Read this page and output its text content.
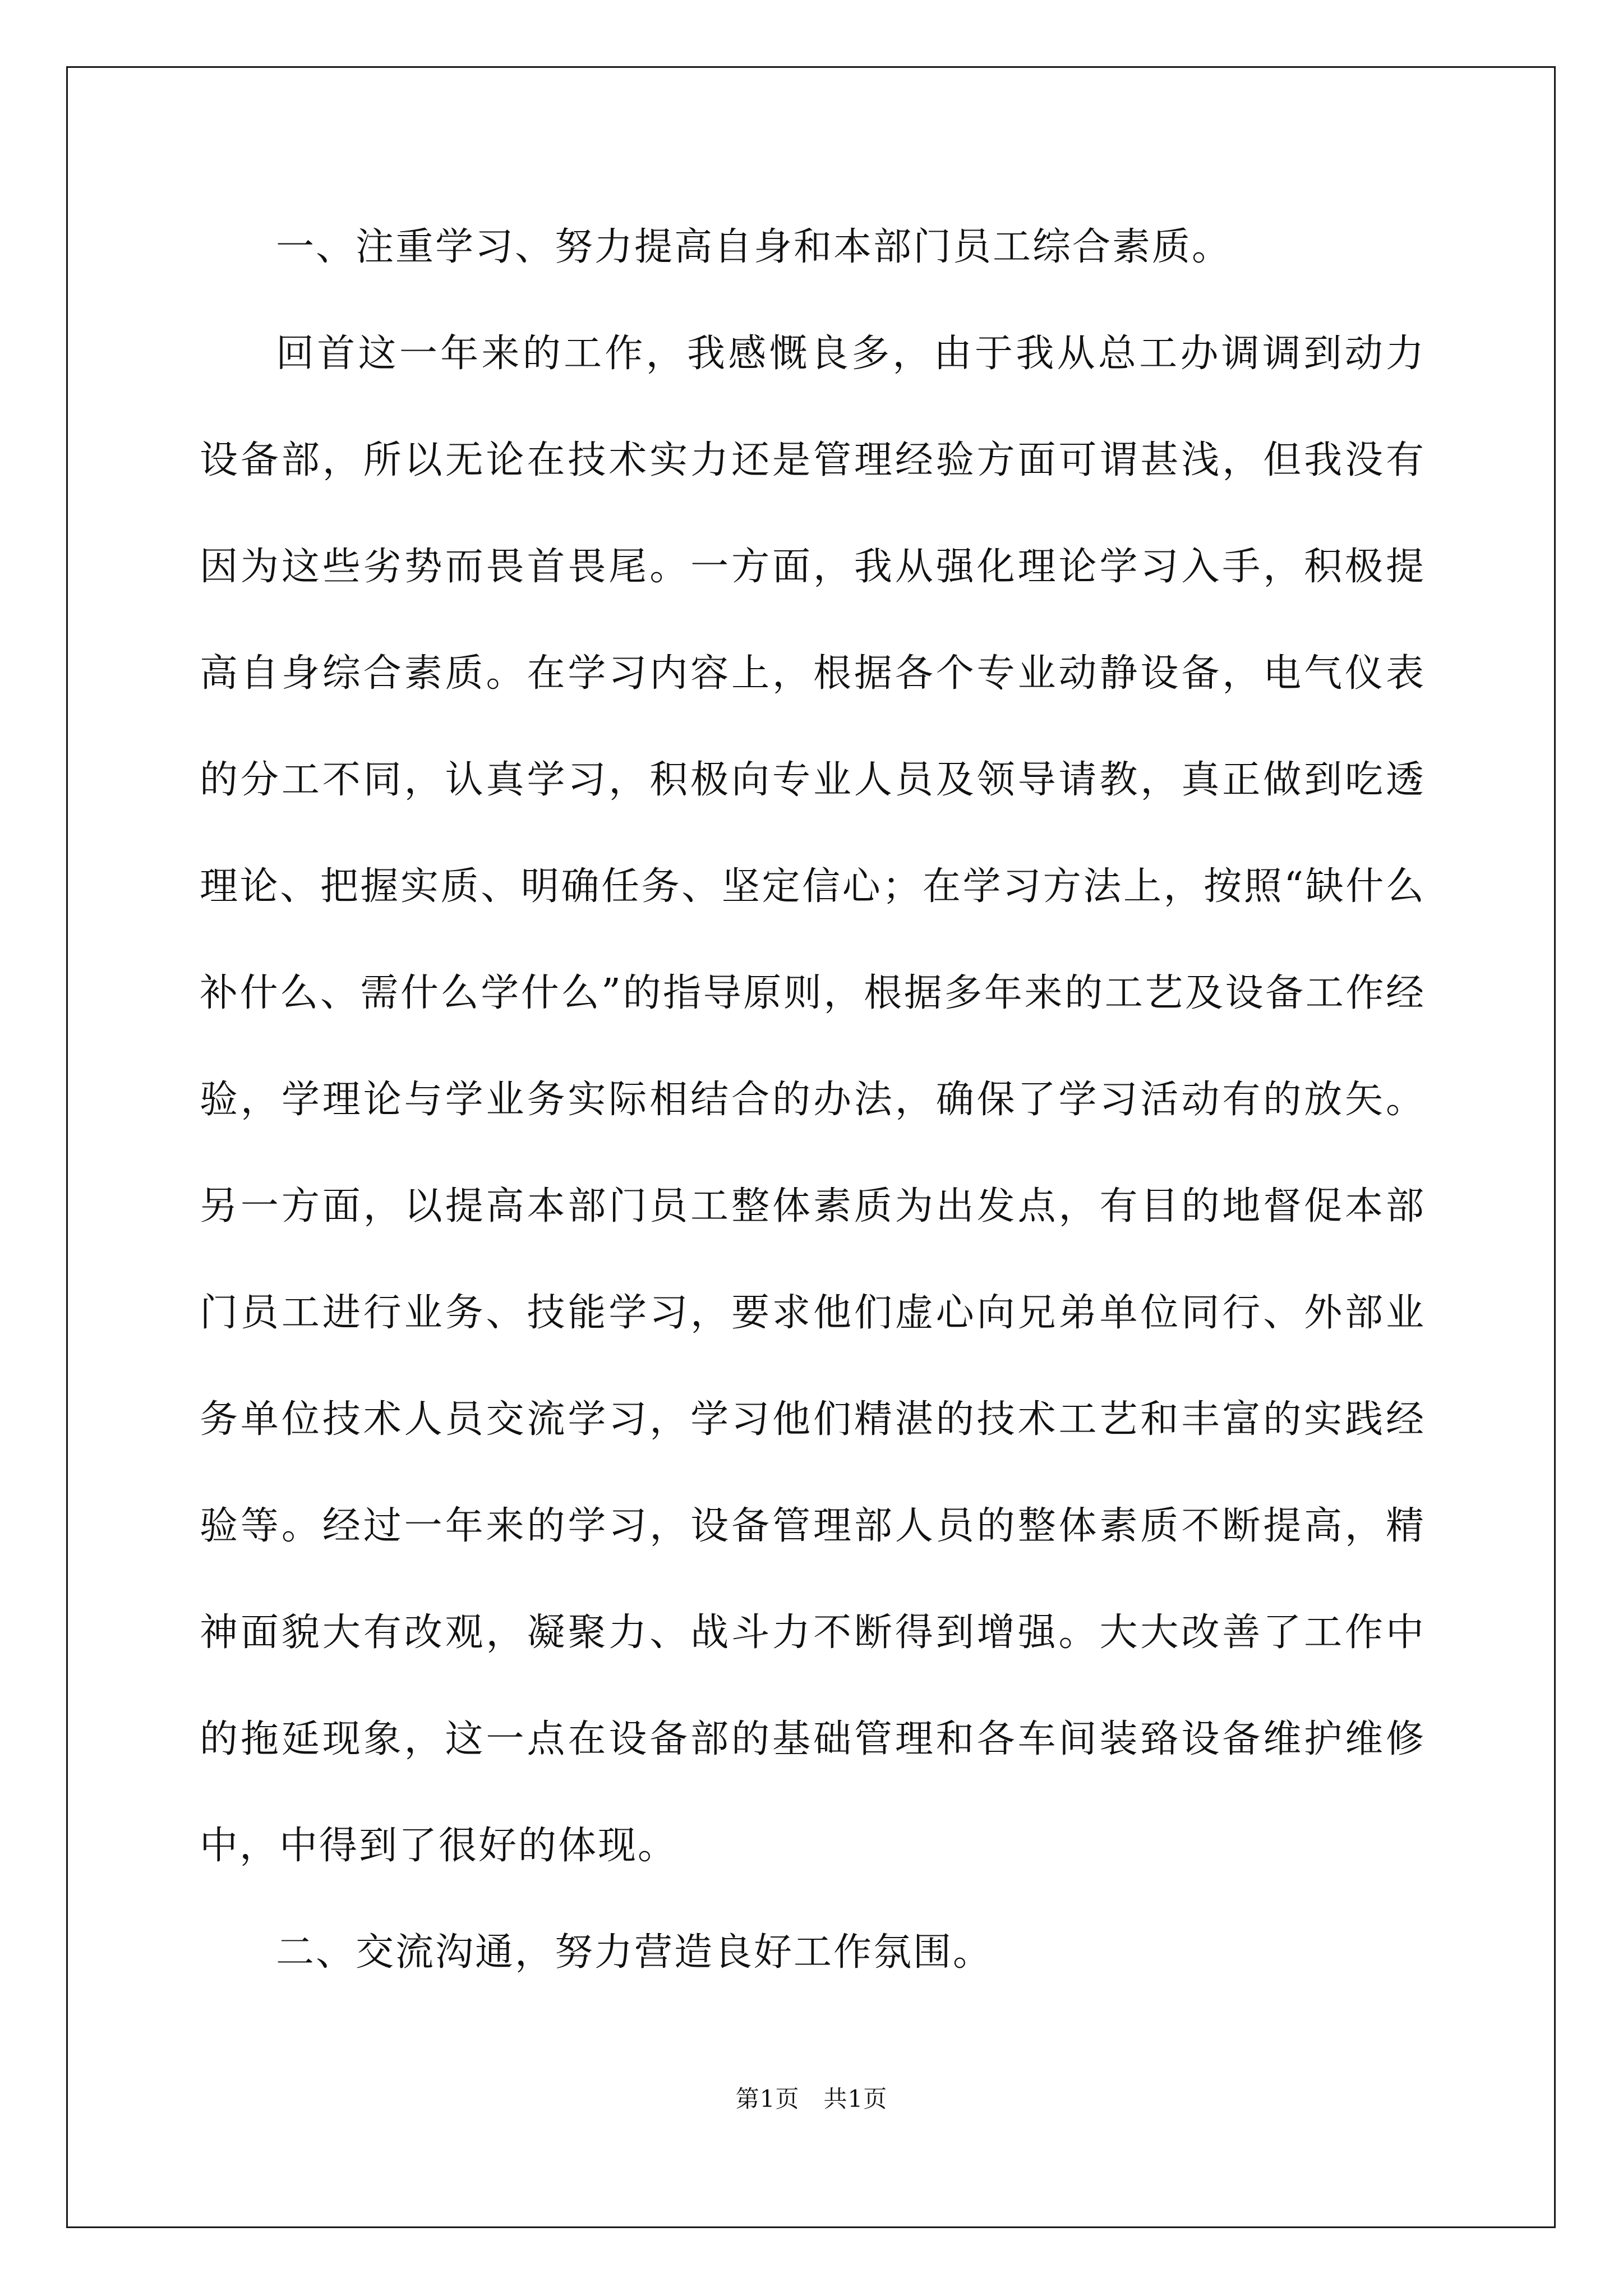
一、注重学习、努力提高自身和本部门员工综合素质。

回首这一年来的工作，我感慨良多，由于我从总工办调调到动力设备部，所以无论在技术实力还是管理经验方面可谓甚浅，但我没有因为这些劣势而畏首畏尾。一方面，我从强化理论学习入手，积极提高自身综合素质。在学习内容上，根据各个专业动静设备，电气仪表的分工不同，认真学习，积极向专业人员及领导请教，真正做到吃透理论、把握实质、明确任务、坚定信心；在学习方法上，按照“缺什么补什么、需什么学什么”的指导原则，根据多年来的工艺及设备工作经验，学理论与学业务实际相结合的办法，确保了学习活动有的放矢。另一方面，以提高本部门员工整体素质为出发点，有目的地督促本部门员工进行业务、技能学习，要求他们虚心向兄弟单位同行、外部业务单位技术人员交流学习，学习他们精湛的技术工艺和丰富的实践经验等。经过一年来的学习，设备管理部人员的整体素质不断提高，精神面貌大有改观，凝聚力、战斗力不断得到增强。大大改善了工作中的拖延现象，这一点在设备部的基础管理和各车间装臵设备维护维修中，中得到了很好的体现。

二、交流沟通，努力营造良好工作氛围。

第1页   共1页
